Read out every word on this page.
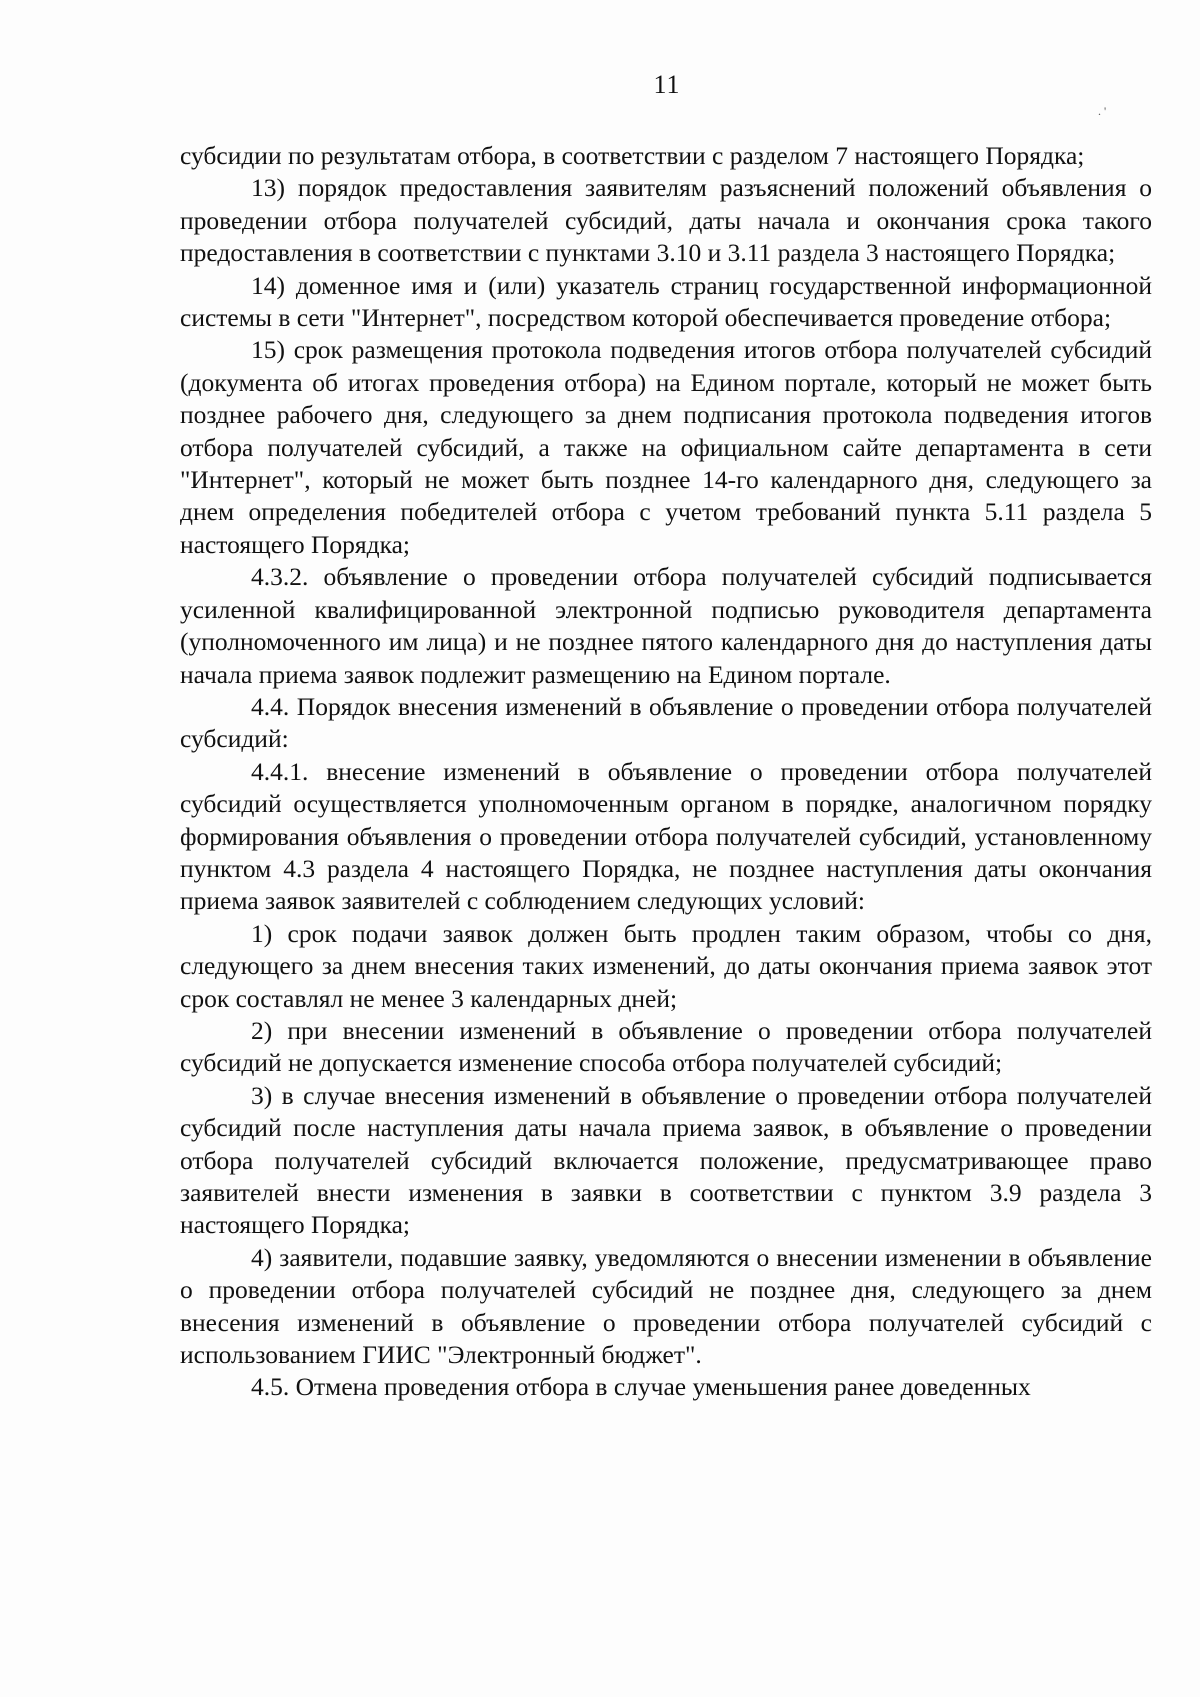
11
. '

субсидии по результатам отбора, в соответствии с разделом 7 настоящего Порядка;

13) порядок предоставления заявителям разъяснений положений объявления о проведении отбора получателей субсидий, даты начала и окончания срока такого предоставления в соответствии с пунктами 3.10 и 3.11 раздела 3 настоящего Порядка;

14) доменное имя и (или) указатель страниц государственной информационной системы в сети "Интернет", посредством которой обеспечивается проведение отбора;

15) срок размещения протокола подведения итогов отбора получателей субсидий (документа об итогах проведения отбора) на Едином портале, который не может быть позднее рабочего дня, следующего за днем подписания протокола подведения итогов отбора получателей субсидий, а также на официальном сайте департамента в сети "Интернет", который не может быть позднее 14-го календарного дня, следующего за днем определения победителей отбора с учетом требований пункта 5.11 раздела 5 настоящего Порядка;

4.3.2. объявление о проведении отбора получателей субсидий подписывается усиленной квалифицированной электронной подписью руководителя департамента (уполномоченного им лица) и не позднее пятого календарного дня до наступления даты начала приема заявок подлежит размещению на Едином портале.

4.4. Порядок внесения изменений в объявление о проведении отбора получателей субсидий:

4.4.1. внесение изменений в объявление о проведении отбора получателей субсидий осуществляется уполномоченным органом в порядке, аналогичном порядку формирования объявления о проведении отбора получателей субсидий, установленному пунктом 4.3 раздела 4 настоящего Порядка, не позднее наступления даты окончания приема заявок заявителей с соблюдением следующих условий:

1) срок подачи заявок должен быть продлен таким образом, чтобы со дня, следующего за днем внесения таких изменений, до даты окончания приема заявок этот срок составлял не менее 3 календарных дней;

2) при внесении изменений в объявление о проведении отбора получателей субсидий не допускается изменение способа отбора получателей субсидий;

3) в случае внесения изменений в объявление о проведении отбора получателей субсидий после наступления даты начала приема заявок, в объявление о проведении отбора получателей субсидий включается положение, предусматривающее право заявителей внести изменения в заявки в соответствии с пунктом 3.9 раздела 3 настоящего Порядка;

4) заявители, подавшие заявку, уведомляются о внесении изменении в объявление о проведении отбора получателей субсидий не позднее дня, следующего за днем внесения изменений в объявление о проведении отбора получателей субсидий с использованием ГИИС "Электронный бюджет".

4.5. Отмена проведения отбора в случае уменьшения ранее доведенных
